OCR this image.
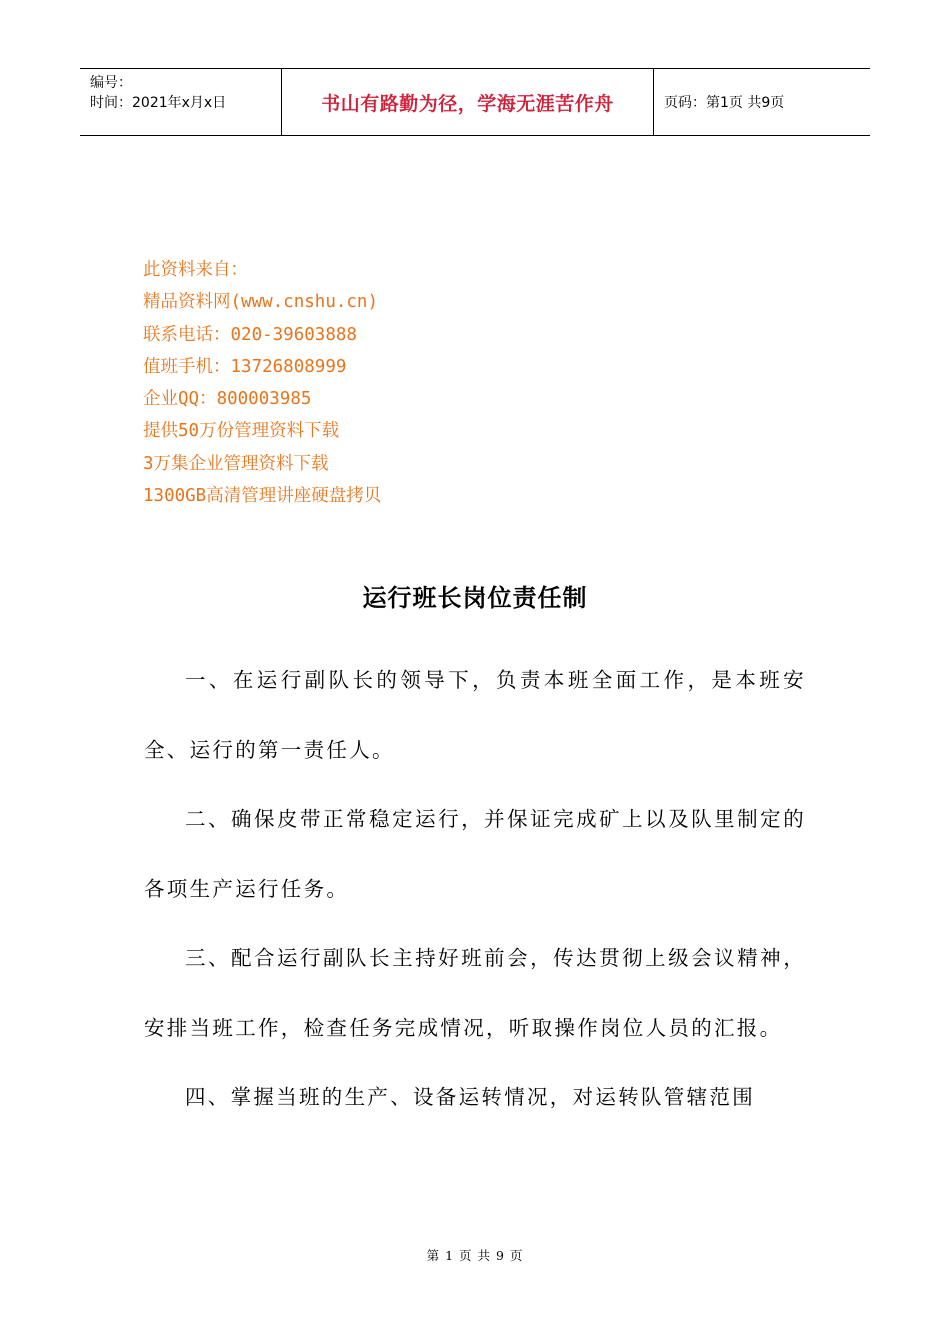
编号：
时间：2021年x月x日	书山有路勤为径，学海无涯苦作舟	页码：第1页 共9页
此资料来自：
精品资料网(www.cnshu.cn)
联系电话：020-39603888
值班手机：13726808999
企业QQ：800003985
提供50万份管理资料下载
3万集企业管理资料下载
1300GB高清管理讲座硬盘拷贝
运行班长岗位责任制

一、在运行副队长的领导下，负责本班全面工作，是本班安全、运行的第一责任人。

二、确保皮带正常稳定运行，并保证完成矿上以及队里制定的各项生产运行任务。

三、配合运行副队长主持好班前会，传达贯彻上级会议精神，安排当班工作，检查任务完成情况，听取操作岗位人员的汇报。

四、掌握当班的生产、设备运转情况，对运转队管辖范围

第 1 页 共 9 页
